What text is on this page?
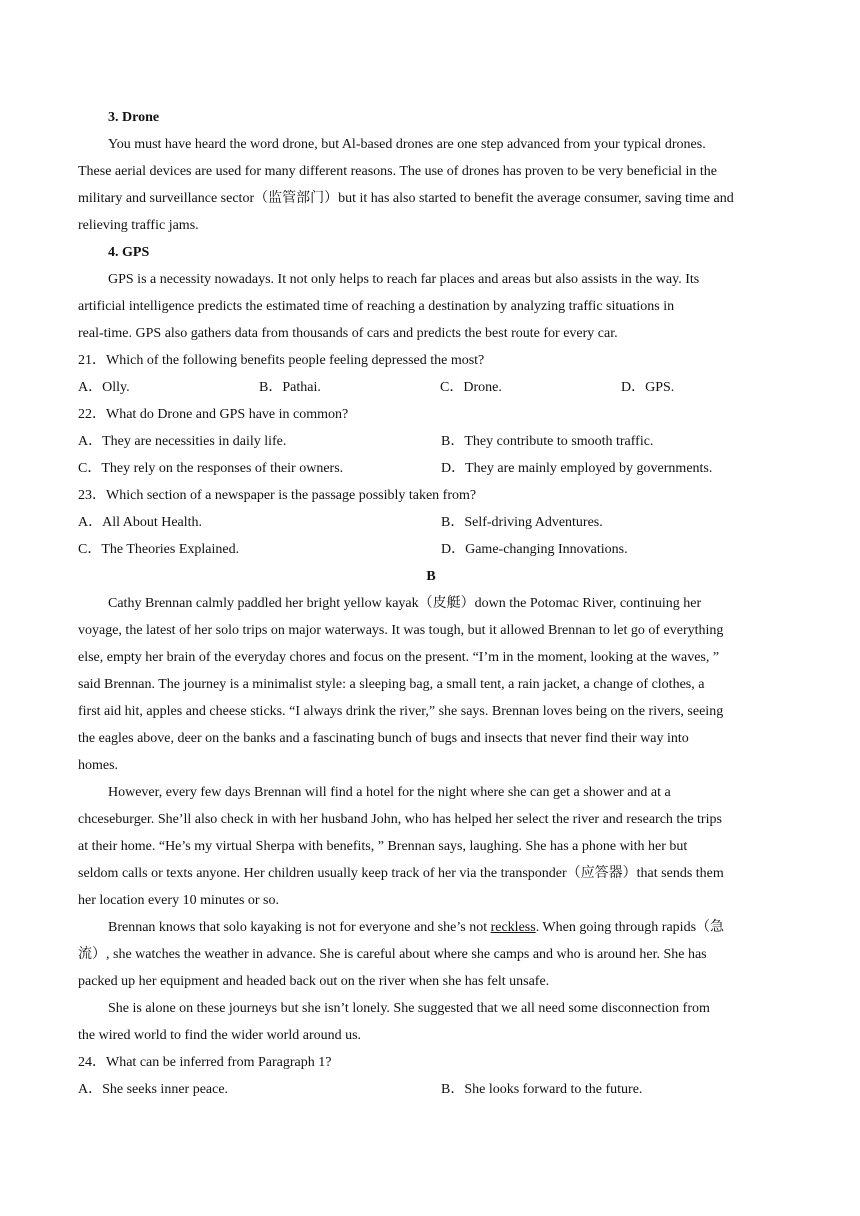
3. Drone
You must have heard the word drone, but Al-based drones are one step advanced from your typical drones.
These aerial devices are used for many different reasons. The use of drones has proven to be very beneficial in the
military and surveillance sector（监管部门）but it has also started to benefit the average consumer, saving time and
relieving traffic jams.
4. GPS
GPS is a necessity nowadays. It not only helps to reach far places and areas but also assists in the way. Its
artificial intelligence predicts the estimated time of reaching a destination by analyzing traffic situations in
real-time. GPS also gathers data from thousands of cars and predicts the best route for every car.
21．Which of the following benefits people feeling depressed the most?
A．Olly.	B．Pathai.	C．Drone.	D．GPS.
22．What do Drone and GPS have in common?
A．They are necessities in daily life.	B．They contribute to smooth traffic.
C．They rely on the responses of their owners.	D．They are mainly employed by governments.
23．Which section of a newspaper is the passage possibly taken from?
A．All About Health.	B．Self-driving Adventures.
C．The Theories Explained.	D．Game-changing Innovations.
B
Cathy Brennan calmly paddled her bright yellow kayak（皮艇）down the Potomac River, continuing her
voyage, the latest of her solo trips on major waterways. It was tough, but it allowed Brennan to let go of everything
else, empty her brain of the everyday chores and focus on the present. “I’m in the moment, looking at the waves, ”
said Brennan. The journey is a minimalist style: a sleeping bag, a small tent, a rain jacket, a change of clothes, a
first aid hit, apples and cheese sticks. “I always drink the river,” she says. Brennan loves being on the rivers, seeing
the eagles above, deer on the banks and a fascinating bunch of bugs and insects that never find their way into
homes.
However, every few days Brennan will find a hotel for the night where she can get a shower and at a
chceseburger. She’ll also check in with her husband John, who has helped her select the river and research the trips
at their home. “He’s my virtual Sherpa with benefits, ” Brennan says, laughing. She has a phone with her but
seldom calls or texts anyone. Her children usually keep track of her via the transponder（应答器）that sends them
her location every 10 minutes or so.
Brennan knows that solo kayaking is not for everyone and she’s not reckless. When going through rapids（急
流）, she watches the weather in advance. She is careful about where she camps and who is around her. She has
packed up her equipment and headed back out on the river when she has felt unsafe.
She is alone on these journeys but she isn’t lonely. She suggested that we all need some disconnection from
the wired world to find the wider world around us.
24．What can be inferred from Paragraph 1?
A．She seeks inner peace.	B．She looks forward to the future.
